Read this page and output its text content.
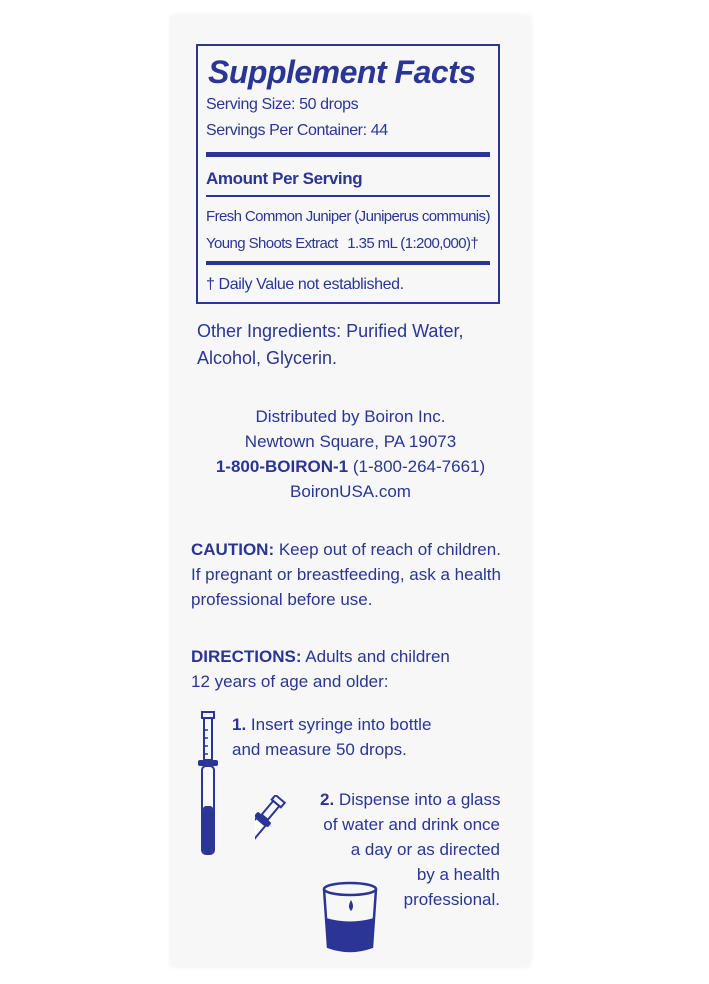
Supplement Facts
Serving Size: 50 drops
Servings Per Container: 44
Amount Per Serving
Fresh Common Juniper (Juniperus communis)
Young Shoots Extract 1.35 mL (1:200,000)†
† Daily Value not established.
Other Ingredients: Purified Water,
Alcohol, Glycerin.
Distributed by Boiron Inc.
Newtown Square, PA 19073
1-800-BOIRON-1 (1-800-264-7661)
BoironUSA.com
CAUTION: Keep out of reach of children.
If pregnant or breastfeeding, ask a health
professional before use.
DIRECTIONS: Adults and children
12 years of age and older:
1. Insert syringe into bottle
and measure 50 drops.
2. Dispense into a glass
of water and drink once
a day or as directed
by a health
professional.
